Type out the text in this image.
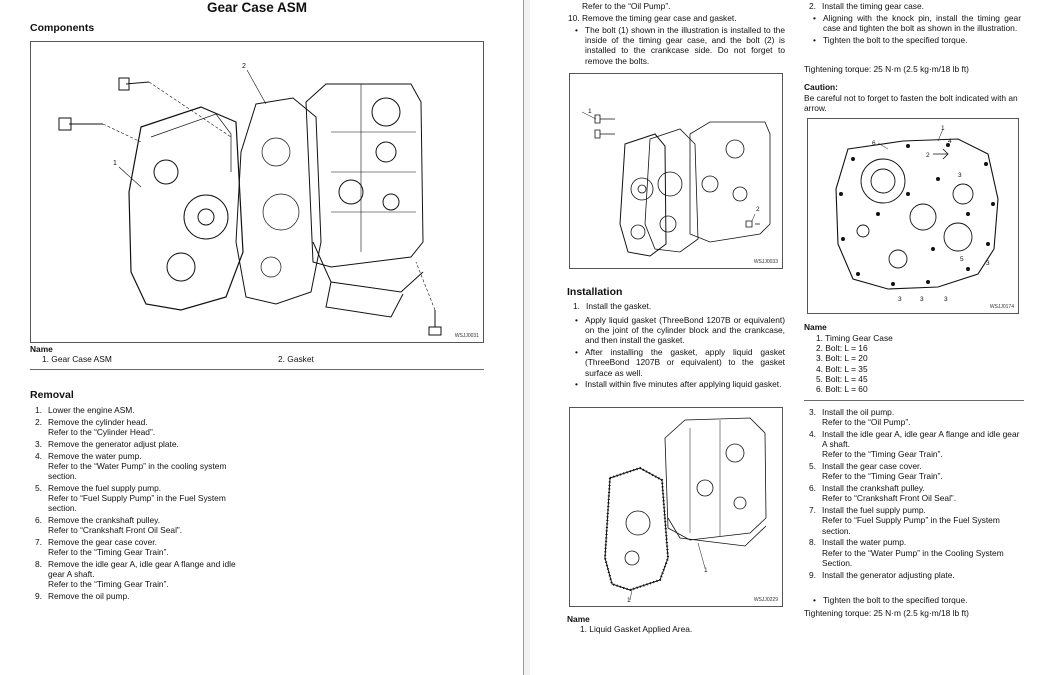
Gear Case ASM
Components
1
2
WSJJ0031
Name
1. Gear Case ASM	2. Gasket
Removal
1. Lower the engine ASM.
2. Remove the cylinder head.
Refer to the “Cylinder Head”.
3. Remove the generator adjust plate.
4. Remove the water pump.
Refer to the “Water Pump” in the cooling system section.
5. Remove the fuel supply pump.
Refer to “Fuel Supply Pump” in the Fuel System section.
6. Remove the crankshaft pulley.
Refer to “Crankshaft Front Oil Seal”.
7. Remove the gear case cover.
Refer to the “Timing Gear Train”.
8. Remove the idle gear A, idle gear A flange and idle gear A shaft.
Refer to the “Timing Gear Train”.
9. Remove the oil pump.
Refer to the “Oil Pump”.
10. Remove the timing gear case and gasket.
• The bolt (1) shown in the illustration is installed to the inside of the timing gear case, and the bolt (2) is installed to the crankcase side. Do not forget to remove the bolts.
1
2
WSJJ0033
Installation
1. Install the gasket.
• Apply liquid gasket (ThreeBond 1207B or equivalent) on the joint of the cylinder block and the crankcase, and then install the gasket.
• After installing the gasket, apply liquid gasket (ThreeBond 1207B or equivalent) to the gasket surface as well.
• Install within five minutes after applying liquid gasket.
1
1	WSJJ0229
Name
1. Liquid Gasket Applied Area.
2. Install the timing gear case.
• Aligning with the knock pin, install the timing gear case and tighten the bolt as shown in the illustration.
• Tighten the bolt to the specified torque.
Tightening torque: 25 N·m (2.5 kg·m/18 lb ft)
Caution:
Be careful not to forget to fasten the bolt indicated with an arrow.
1
6	4
2
3
5
3	3	3
3
WSJJ0174
Name
1. Timing Gear Case
2. Bolt: L = 16
3. Bolt: L = 20
4. Bolt: L = 35
5. Bolt: L = 45
6. Bolt: L = 60
3. Install the oil pump.
Refer to the “Oil Pump”.
4. Install the idle gear A, idle gear A flange and idle gear A shaft.
Refer to the “Timing Gear Train”.
5. Install the gear case cover.
Refer to the “Timing Gear Train”.
6. Install the crankshaft pulley.
Refer to “Crankshaft Front Oil Seal”.
7. Install the fuel supply pump.
Refer to “Fuel Supply Pump” in the Fuel System section.
8. Install the water pump.
Refer to the “Water Pump” in the Cooling System Section.
9. Install the generator adjusting plate.
• Tighten the bolt to the specified torque.
Tightening torque: 25 N·m (2.5 kg·m/18 lb ft)
